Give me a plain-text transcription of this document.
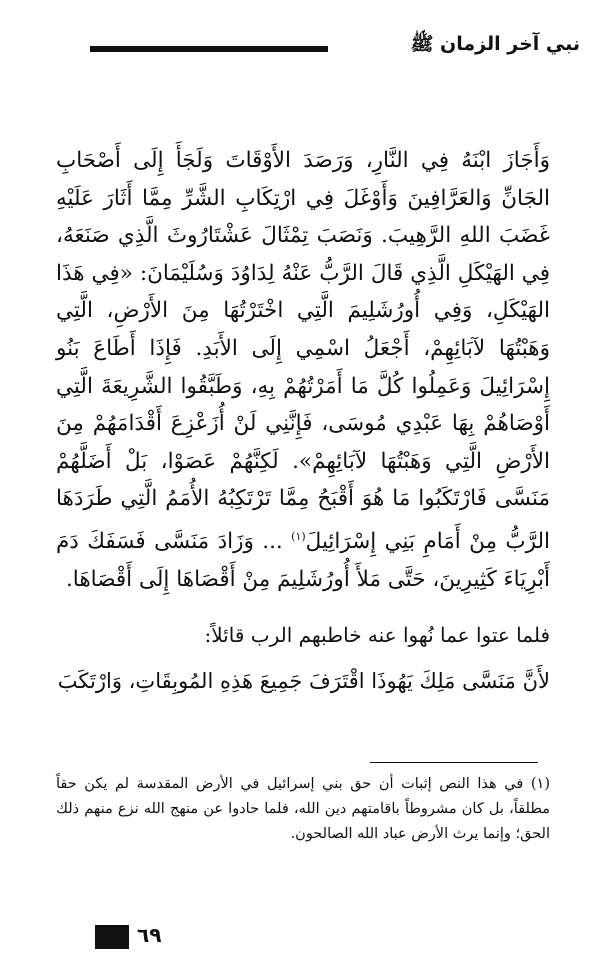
نبي آخر الزمان ﷺ

وَأَجَازَ ابْنَهُ فِي النَّارِ، وَرَصَدَ الأَوْقَاتَ وَلَجَأَ إِلَى أَصْحَابِ الجَانِّ وَالعَرَّافِينَ وَأَوْغَلَ فِي ارْتِكَابِ الشَّرِّ مِمَّا أَثَارَ عَلَيْهِ غَضَبَ اللهِ الرَّهِيبَ. وَنَصَبَ تِمْثَالَ عَشْتَارُوثَ الَّذِي صَنَعَهُ، فِي الهَيْكَلِ الَّذِي قَالَ الرَّبُّ عَنْهُ لِدَاوُدَ وَسُلَيْمَانَ: «فِي هَذَا الهَيْكَلِ، وَفِي أُورُشَلِيمَ الَّتِي اخْتَرْتُهَا مِنَ الأَرْضِ، الَّتِي وَهَبْتُهَا لآبَائِهِمْ، أَجْعَلُ اسْمِي إِلَى الأَبَدِ. فَإِذَا أَطَاعَ بَنُو إِسْرَائِيلَ وَعَمِلُوا كُلَّ مَا أَمَرْتُهُمْ بِهِ، وَطَبَّقُوا الشَّرِيعَةَ الَّتِي أَوْصَاهُمْ بِهَا عَبْدِي مُوسَى، فَإِنَّنِي لَنْ أُزَعْزِعَ أَقْدَامَهُمْ مِنَ الأَرْضِ الَّتِي وَهَبْتُهَا لآبَائِهِمْ». لَكِنَّهُمْ عَصَوْا، بَلْ أَضَلَّهُمْ مَنَسَّى فَارْتَكَبُوا مَا هُوَ أَقْبَحُ مِمَّا تَرْتَكِبُهُ الأُمَمُ الَّتِي طَرَدَهَا الرَّبُّ مِنْ أَمَامِ بَنِي إِسْرَائِيلَ$^{(١)}$ ... وَزَادَ مَنَسَّى فَسَفَكَ دَمَ أَبْرِيَاءَ كَثِيرِينَ، حَتَّى مَلأَ أُورُشَلِيمَ مِنْ أَقْصَاهَا إِلَى أَقْصَاهَا.

فلما عتوا عما نُهوا عنه خاطبهم الرب قائلاً:

لأَنَّ مَنَسَّى مَلِكَ يَهُوذَا اقْتَرَفَ جَمِيعَ هَذِهِ المُوبِقَاتِ، وَارْتَكَبَ

(١) في هذا النص إثبات أن حق بني إسرائيل في الأرض المقدسة لم يكن حقاً مطلقاً، بل كان مشروطاً باقامتهم دين الله، فلما حادوا عن منهج الله نزع منهم ذلك الحق؛ وإنما يرث الأرض عباد الله الصالحون.

٦٩
